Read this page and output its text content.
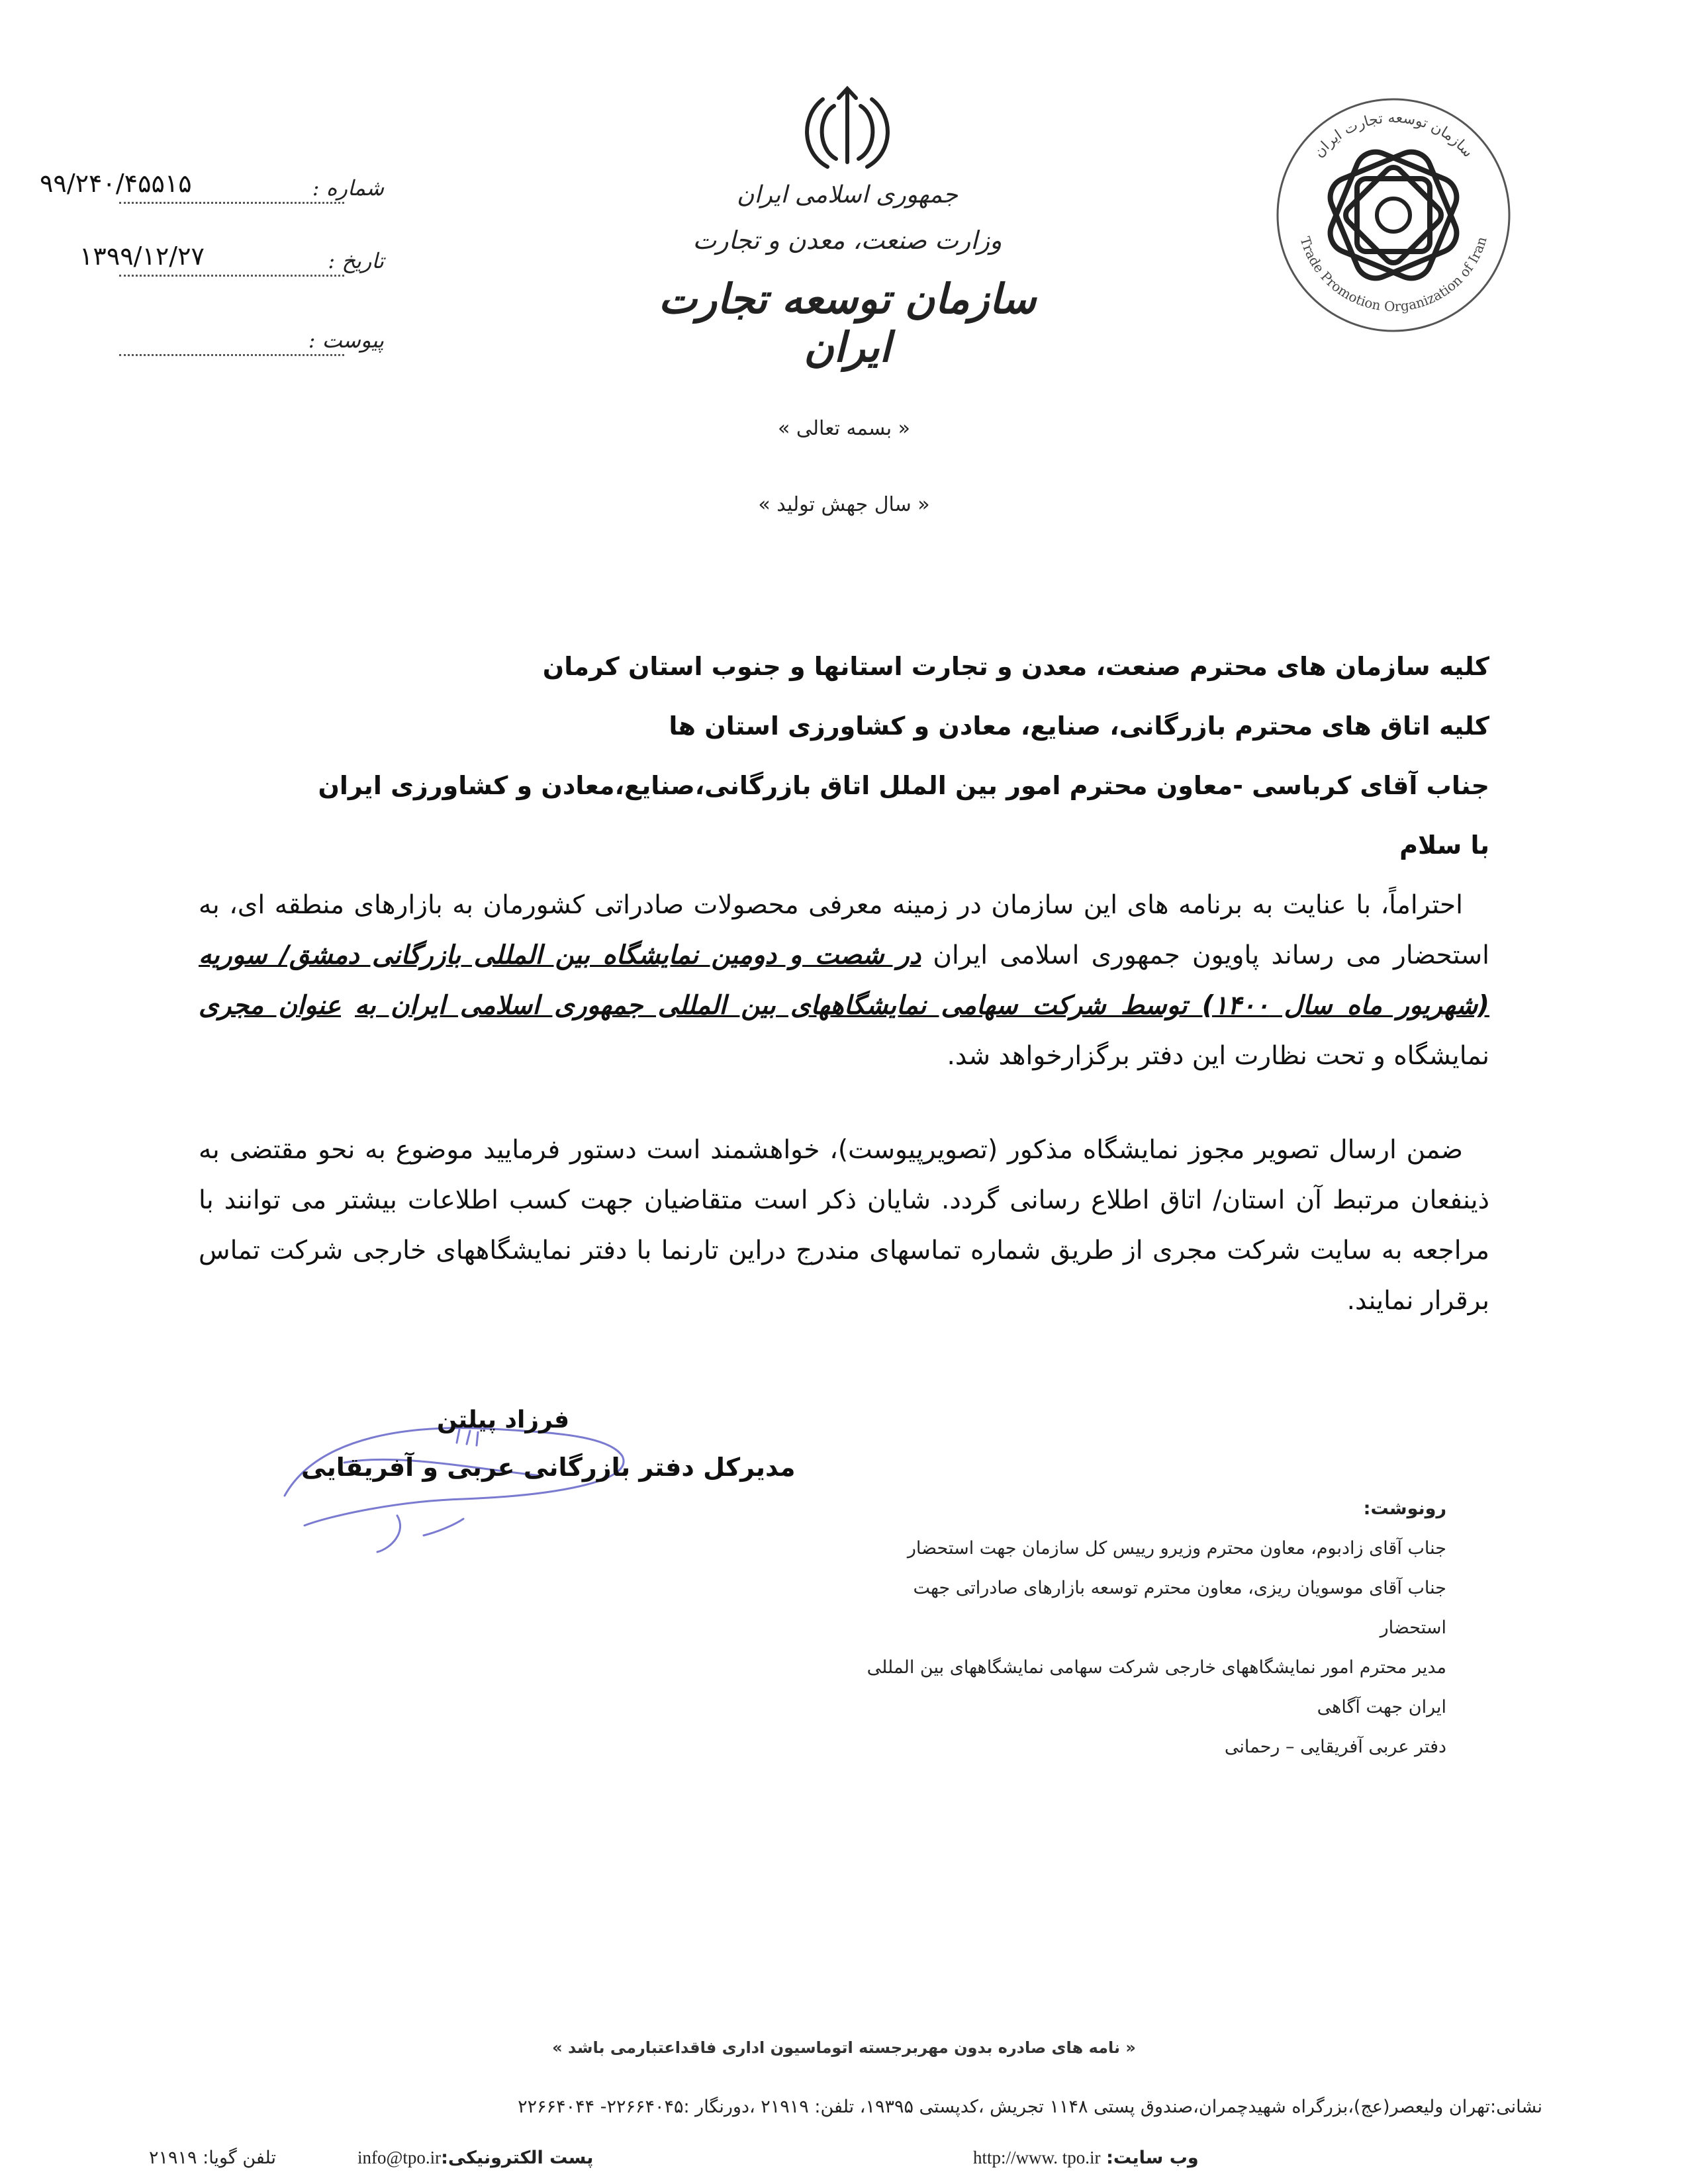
شماره :
۹۹/۲۴۰/۴۵۵۱۵
تاریخ :
۱۳۹۹/۱۲/۲۷
پیوست :
جمهوری اسلامی ایران
وزارت صنعت، معدن و تجارت
سازمان توسعه تجارت ایران
سازمان توسعه تجارت ایران
Trade Promotion Organization of Iran
« بسمه تعالی »
« سال جهش تولید »
کلیه سازمان های محترم صنعت، معدن و تجارت استانها و جنوب استان کرمان
کلیه اتاق های محترم بازرگانی، صنایع، معادن و کشاورزی استان ها
جناب آقای کرباسی -معاون محترم امور بین الملل اتاق بازرگانی،صنایع،معادن و کشاورزی ایران
با سلام
احتراماً، با عنایت به برنامه های این سازمان در زمینه معرفی محصولات صادراتی کشورمان به بازارهای منطقه ای، به استحضار می رساند پاویون جمهوری اسلامی ایران در شصت و دومین نمایشگاه بین المللی بازرگانی دمشق/ سوریه (شهریور ماه سال ۱۴۰۰) توسط شرکت سهامی نمایشگاههای بین المللی جمهوری اسلامی ایران به عنوان مجری نمایشگاه و تحت نظارت این دفتر برگزارخواهد شد.
ضمن ارسال تصویر مجوز نمایشگاه مذکور (تصویرپیوست)، خواهشمند است دستور فرمایید موضوع به نحو مقتضی به ذینفعان مرتبط آن استان/ اتاق اطلاع رسانی گردد. شایان ذکر است متقاضیان جهت کسب اطلاعات بیشتر می توانند با مراجعه به سایت شرکت مجری از طریق شماره تماسهای مندرج دراین تارنما با دفتر نمایشگاههای خارجی شرکت تماس برقرار نمایند.
فرزاد پیلتن
مدیرکل دفتر بازرگانی عربی و آفریقایی
رونوشت:
جناب آقای زادبوم، معاون محترم وزیرو رییس کل سازمان جهت استحضار
جناب آقای موسویان ریزی، معاون محترم توسعه بازارهای صادراتی جهت
استحضار
مدیر محترم امور نمایشگاههای خارجی شرکت سهامی نمایشگاههای بین المللی
ایران جهت آگاهی
دفتر عربی آفریقایی – رحمانی
« نامه های صادره بدون مهربرجسته اتوماسیون اداری فاقداعتبارمی باشد »
نشانی:تهران ولیعصر(عج)،بزرگراه شهیدچمران،صندوق پستی ۱۱۴۸ تجریش ،کدپستی ۱۹۳۹۵، تلفن: ۲۱۹۱۹ ،دورنگار :۲۲۶۶۴۰۴۵- ۲۲۶۶۴۰۴۴
وب سایت: http://www. tpo.ir
پست الکترونیکی:info@tpo.ir
تلفن گویا: ۲۱۹۱۹
